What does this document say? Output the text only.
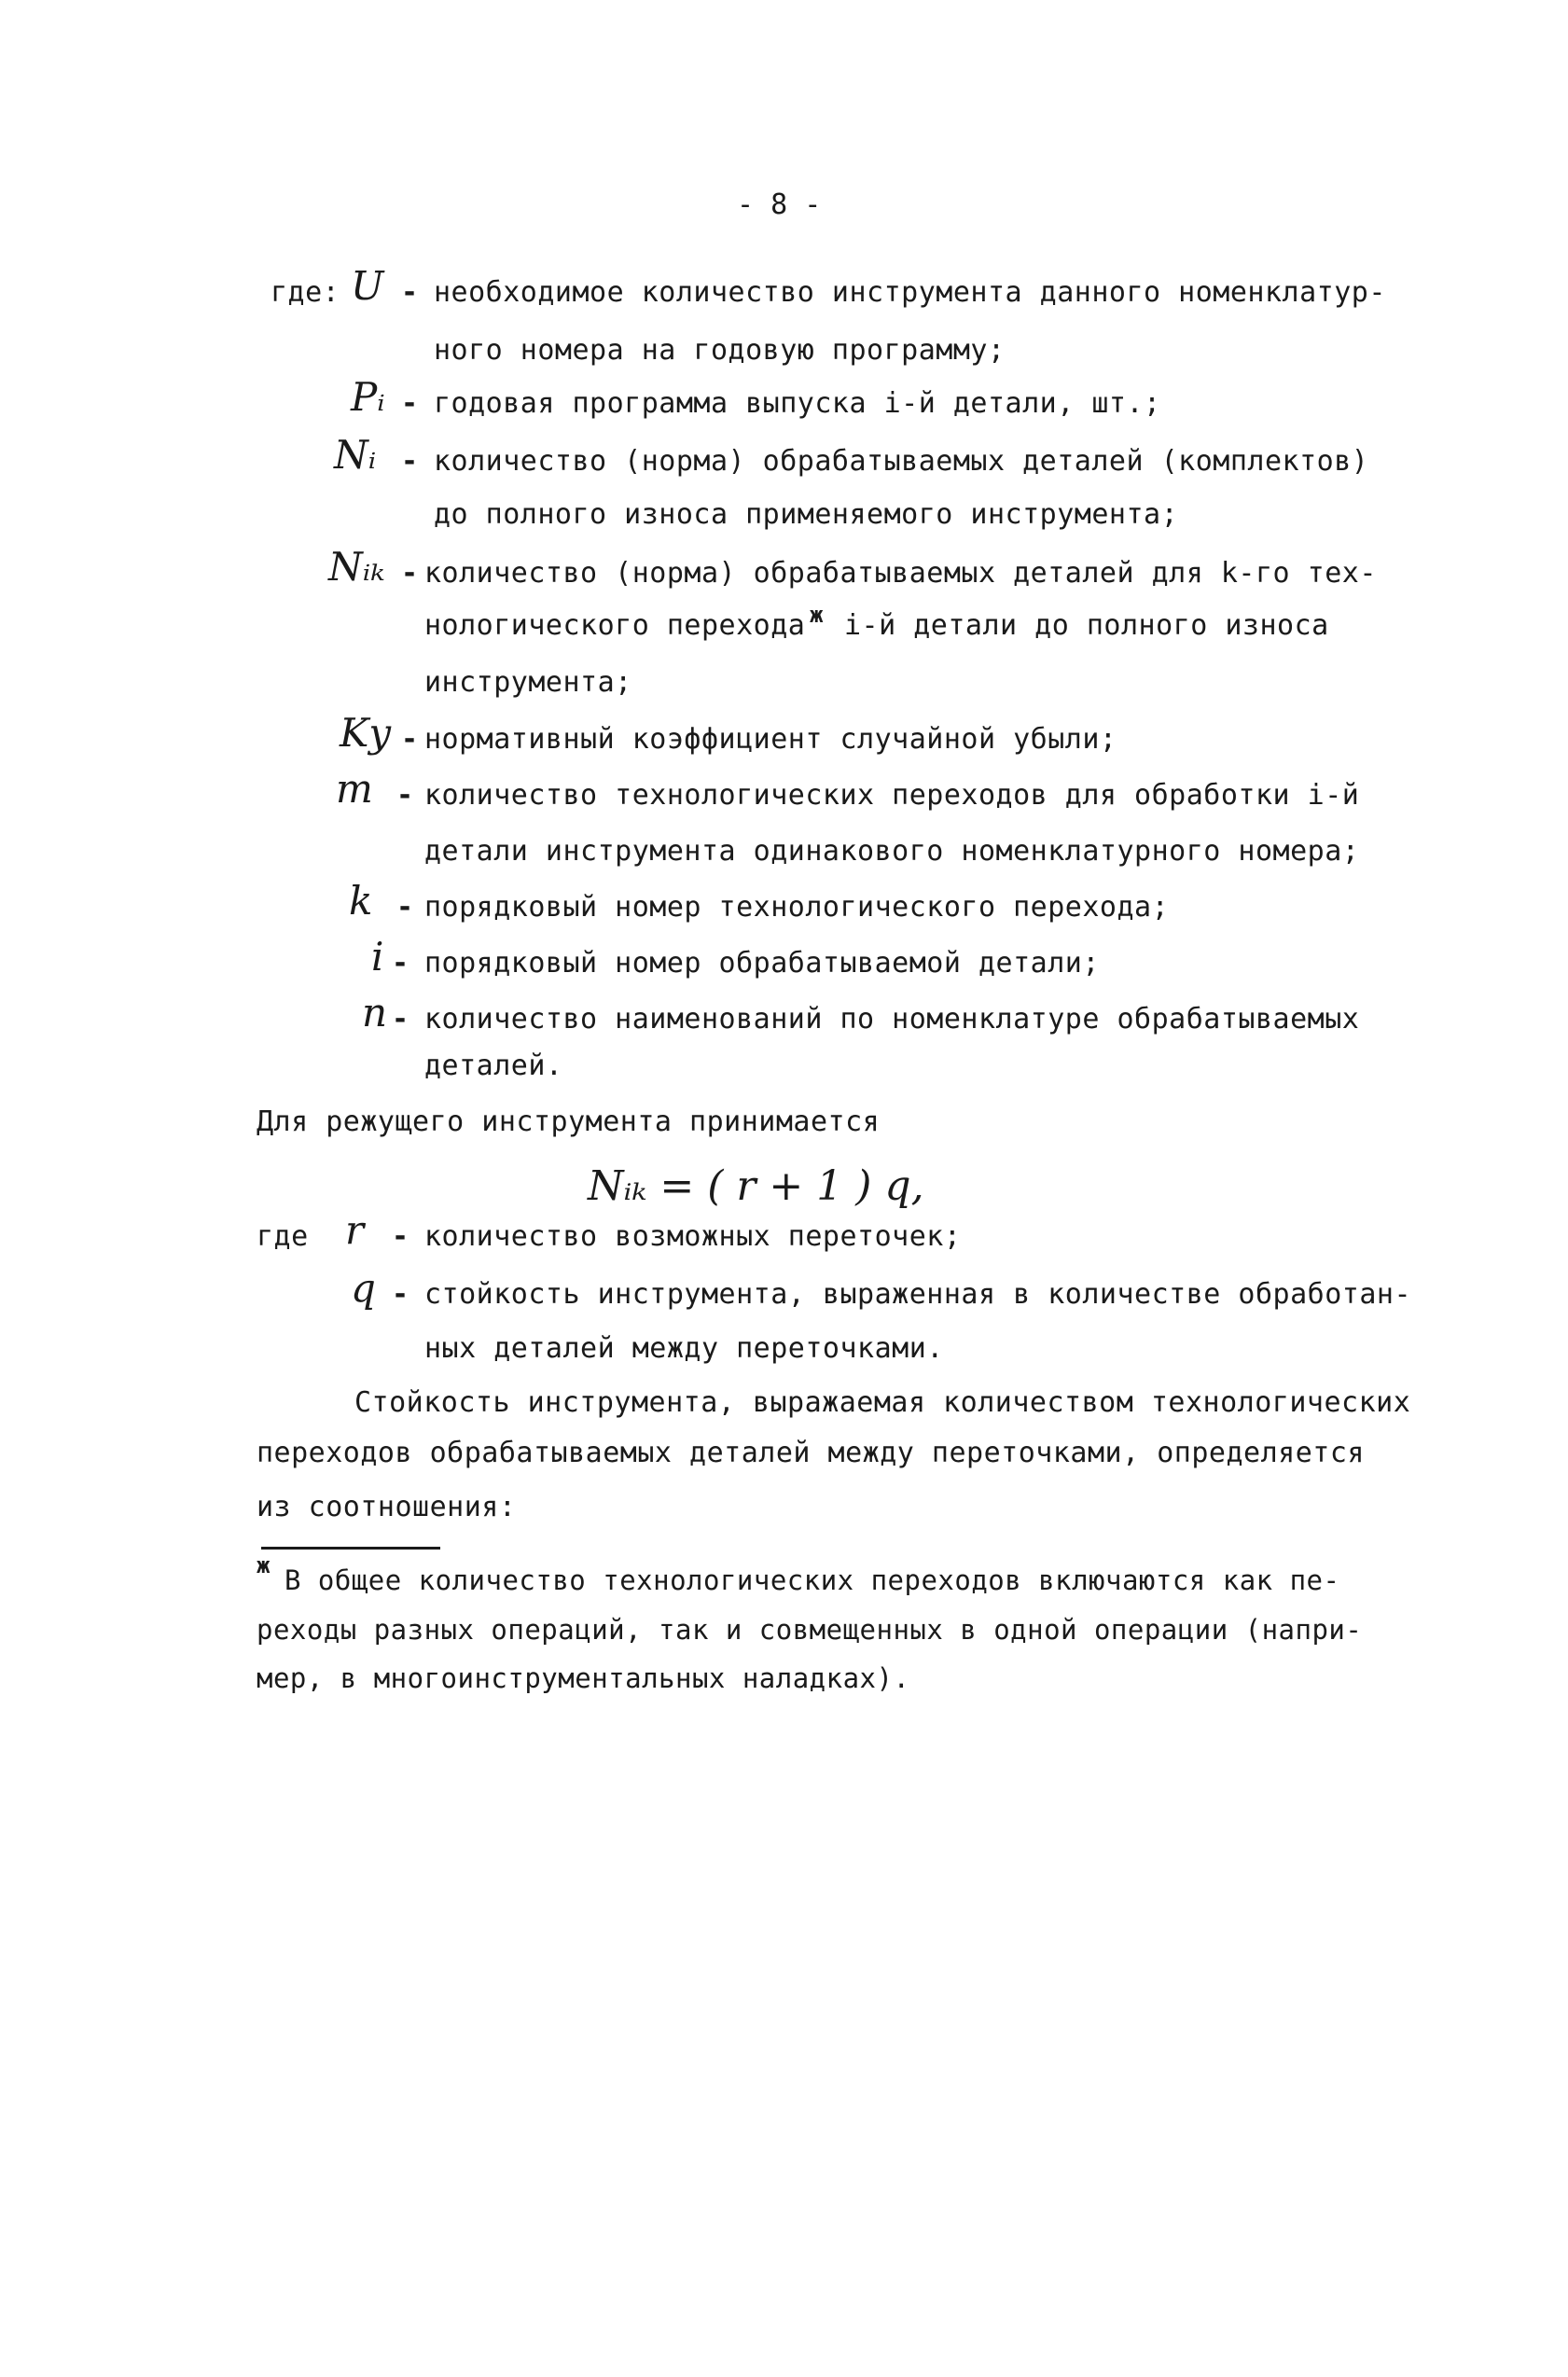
- 8 -
где: U - необходимое количество инструмента данного номенклатур-
ного номера на годовую программу;
Pᵢ - годовая программа выпуска i-й детали, шт.;
Nᵢ - количество (норма) обрабатываемых деталей (комплектов)
до полного износа применяемого инструмента;
Nᵢₖ - количество (норма) обрабатываемых деталей для k-го тех-
нологического перехода ж i-й детали до полного износа
инструмента;
Kу - нормативный коэффициент случайной убыли;
m - количество технологических переходов для обработки i-й
детали инструмента одинакового номенклатурного номера;
k - порядковый номер технологического перехода;
i - порядковый номер обрабатываемой детали;
n - количество наименований по номенклатуре обрабатываемых
деталей.
Для режущего инструмента принимается
Nᵢₖ = ( r + 1 ) q,
где r - количество возможных переточек;
q - стойкость инструмента, выраженная в количестве обработан-
ных деталей между переточками.
Стойкость инструмента, выражаемая количеством технологических
переходов обрабатываемых деталей между переточками, определяется
из соотношения:
ж В общее количество технологических переходов включаются как пе-
реходы разных операций, так и совмещенных в одной операции (напри-
мер, в многоинструментальных наладках).
